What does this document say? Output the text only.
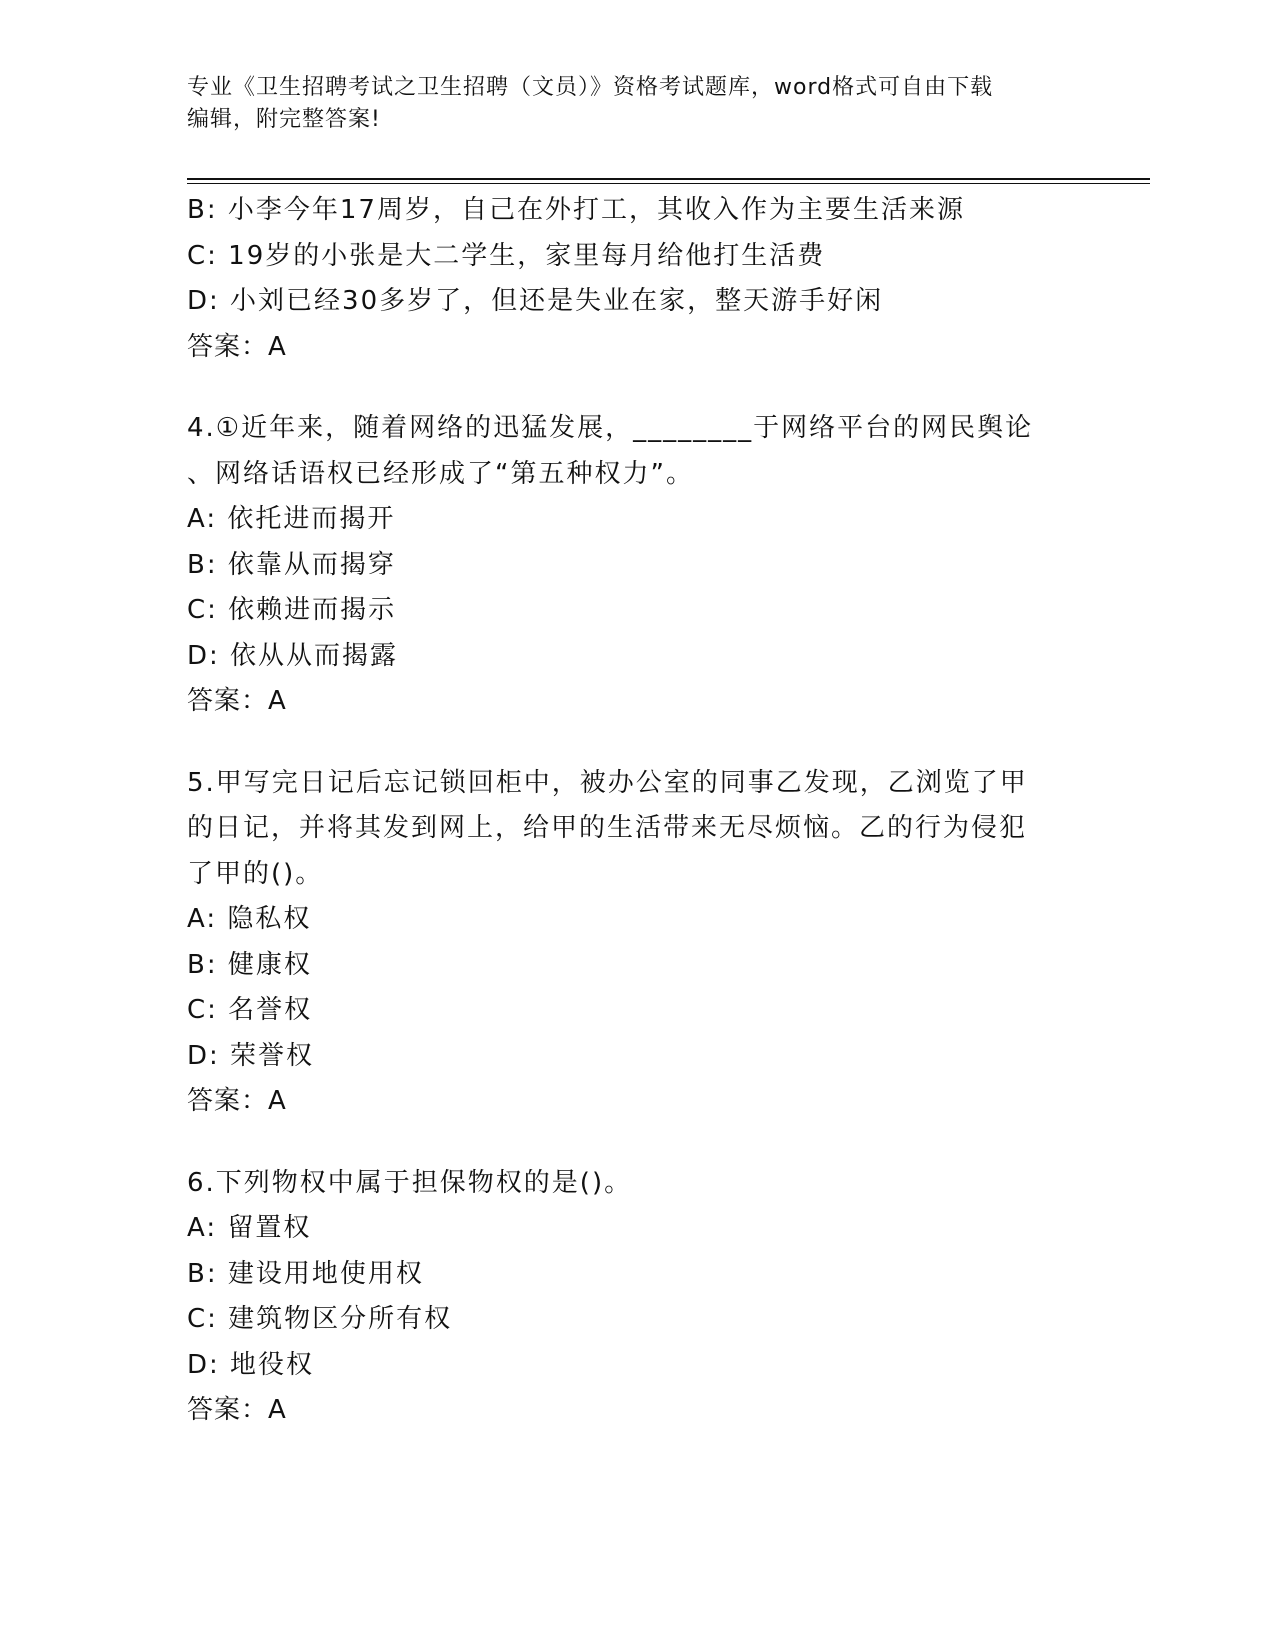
专业《卫生招聘考试之卫生招聘（文员）》资格考试题库，word格式可自由下载
编辑，附完整答案!
B: 小李今年17周岁，自己在外打工，其收入作为主要生活来源
C: 19岁的小张是大二学生，家里每月给他打生活费
D: 小刘已经30多岁了，但还是失业在家，整天游手好闲
答案：A
4.①近年来，随着网络的迅猛发展，________于网络平台的网民舆论
、网络话语权已经形成了“第五种权力”。
A: 依托进而揭开
B: 依靠从而揭穿
C: 依赖进而揭示
D: 依从从而揭露
答案：A
5.甲写完日记后忘记锁回柜中，被办公室的同事乙发现，乙浏览了甲
的日记，并将其发到网上，给甲的生活带来无尽烦恼。乙的行为侵犯
了甲的()。
A: 隐私权
B: 健康权
C: 名誉权
D: 荣誉权
答案：A
6.下列物权中属于担保物权的是()。
A: 留置权
B: 建设用地使用权
C: 建筑物区分所有权
D: 地役权
答案：A
